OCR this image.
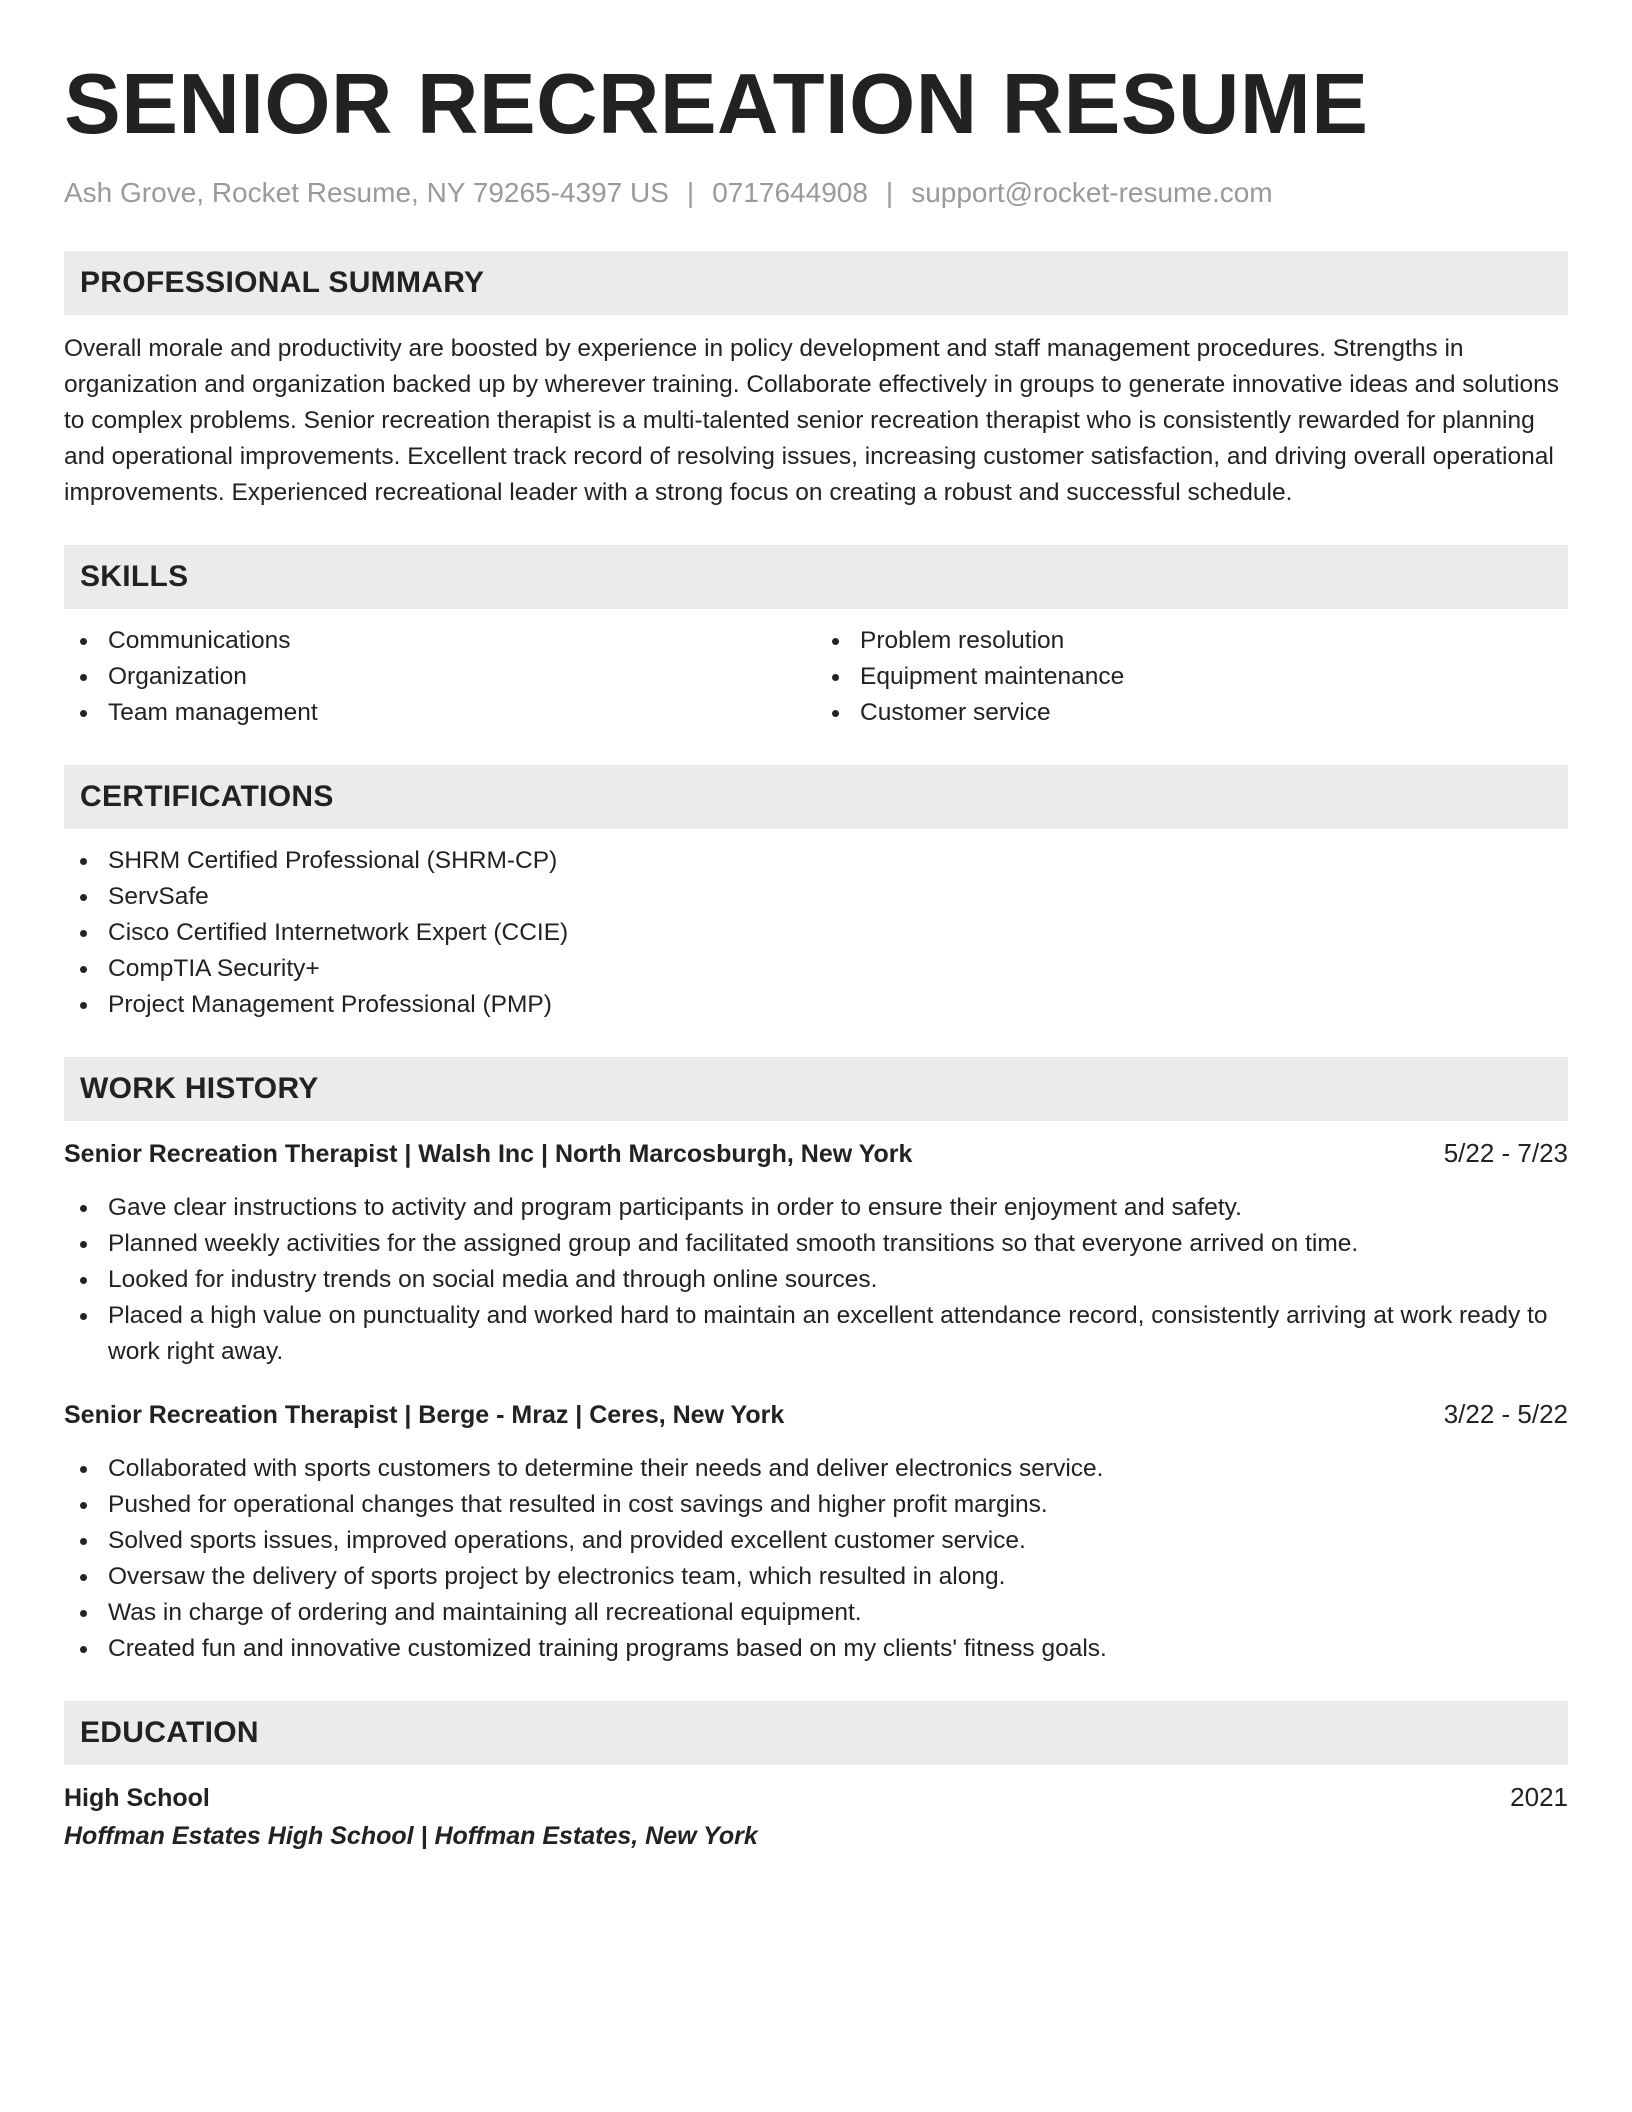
SENIOR RECREATION RESUME
Ash Grove, Rocket Resume, NY 79265-4397 US | 0717644908 | support@rocket-resume.com
PROFESSIONAL SUMMARY

Overall morale and productivity are boosted by experience in policy development and staff management procedures. Strengths in organization and organization backed up by wherever training. Collaborate effectively in groups to generate innovative ideas and solutions to complex problems. Senior recreation therapist is a multi-talented senior recreation therapist who is consistently rewarded for planning and operational improvements. Excellent track record of resolving issues, increasing customer satisfaction, and driving overall operational improvements. Experienced recreational leader with a strong focus on creating a robust and successful schedule.

SKILLS
Communications
Organization
Team management
Problem resolution
Equipment maintenance
Customer service
CERTIFICATIONS
SHRM Certified Professional (SHRM-CP)
ServSafe
Cisco Certified Internetwork Expert (CCIE)
CompTIA Security+
Project Management Professional (PMP)
WORK HISTORY
Senior Recreation Therapist | Walsh Inc | North Marcosburgh, New York	5/22 - 7/23
Gave clear instructions to activity and program participants in order to ensure their enjoyment and safety.
Planned weekly activities for the assigned group and facilitated smooth transitions so that everyone arrived on time.
Looked for industry trends on social media and through online sources.
Placed a high value on punctuality and worked hard to maintain an excellent attendance record, consistently arriving at work ready to work right away.
Senior Recreation Therapist | Berge - Mraz | Ceres, New York	3/22 - 5/22
Collaborated with sports customers to determine their needs and deliver electronics service.
Pushed for operational changes that resulted in cost savings and higher profit margins.
Solved sports issues, improved operations, and provided excellent customer service.
Oversaw the delivery of sports project by electronics team, which resulted in along.
Was in charge of ordering and maintaining all recreational equipment.
Created fun and innovative customized training programs based on my clients' fitness goals.
EDUCATION
High School	2021
Hoffman Estates High School | Hoffman Estates, New York
